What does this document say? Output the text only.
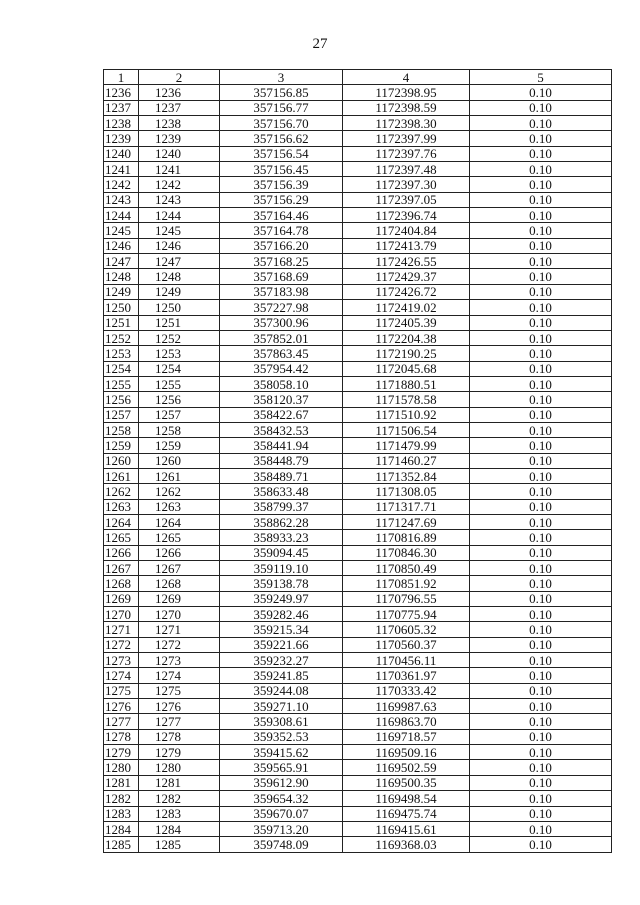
27
1	2	3	4	5
1236	1236	357156.85	1172398.95	0.10
1237	1237	357156.77	1172398.59	0.10
1238	1238	357156.70	1172398.30	0.10
1239	1239	357156.62	1172397.99	0.10
1240	1240	357156.54	1172397.76	0.10
1241	1241	357156.45	1172397.48	0.10
1242	1242	357156.39	1172397.30	0.10
1243	1243	357156.29	1172397.05	0.10
1244	1244	357164.46	1172396.74	0.10
1245	1245	357164.78	1172404.84	0.10
1246	1246	357166.20	1172413.79	0.10
1247	1247	357168.25	1172426.55	0.10
1248	1248	357168.69	1172429.37	0.10
1249	1249	357183.98	1172426.72	0.10
1250	1250	357227.98	1172419.02	0.10
1251	1251	357300.96	1172405.39	0.10
1252	1252	357852.01	1172204.38	0.10
1253	1253	357863.45	1172190.25	0.10
1254	1254	357954.42	1172045.68	0.10
1255	1255	358058.10	1171880.51	0.10
1256	1256	358120.37	1171578.58	0.10
1257	1257	358422.67	1171510.92	0.10
1258	1258	358432.53	1171506.54	0.10
1259	1259	358441.94	1171479.99	0.10
1260	1260	358448.79	1171460.27	0.10
1261	1261	358489.71	1171352.84	0.10
1262	1262	358633.48	1171308.05	0.10
1263	1263	358799.37	1171317.71	0.10
1264	1264	358862.28	1171247.69	0.10
1265	1265	358933.23	1170816.89	0.10
1266	1266	359094.45	1170846.30	0.10
1267	1267	359119.10	1170850.49	0.10
1268	1268	359138.78	1170851.92	0.10
1269	1269	359249.97	1170796.55	0.10
1270	1270	359282.46	1170775.94	0.10
1271	1271	359215.34	1170605.32	0.10
1272	1272	359221.66	1170560.37	0.10
1273	1273	359232.27	1170456.11	0.10
1274	1274	359241.85	1170361.97	0.10
1275	1275	359244.08	1170333.42	0.10
1276	1276	359271.10	1169987.63	0.10
1277	1277	359308.61	1169863.70	0.10
1278	1278	359352.53	1169718.57	0.10
1279	1279	359415.62	1169509.16	0.10
1280	1280	359565.91	1169502.59	0.10
1281	1281	359612.90	1169500.35	0.10
1282	1282	359654.32	1169498.54	0.10
1283	1283	359670.07	1169475.74	0.10
1284	1284	359713.20	1169415.61	0.10
1285	1285	359748.09	1169368.03	0.10
